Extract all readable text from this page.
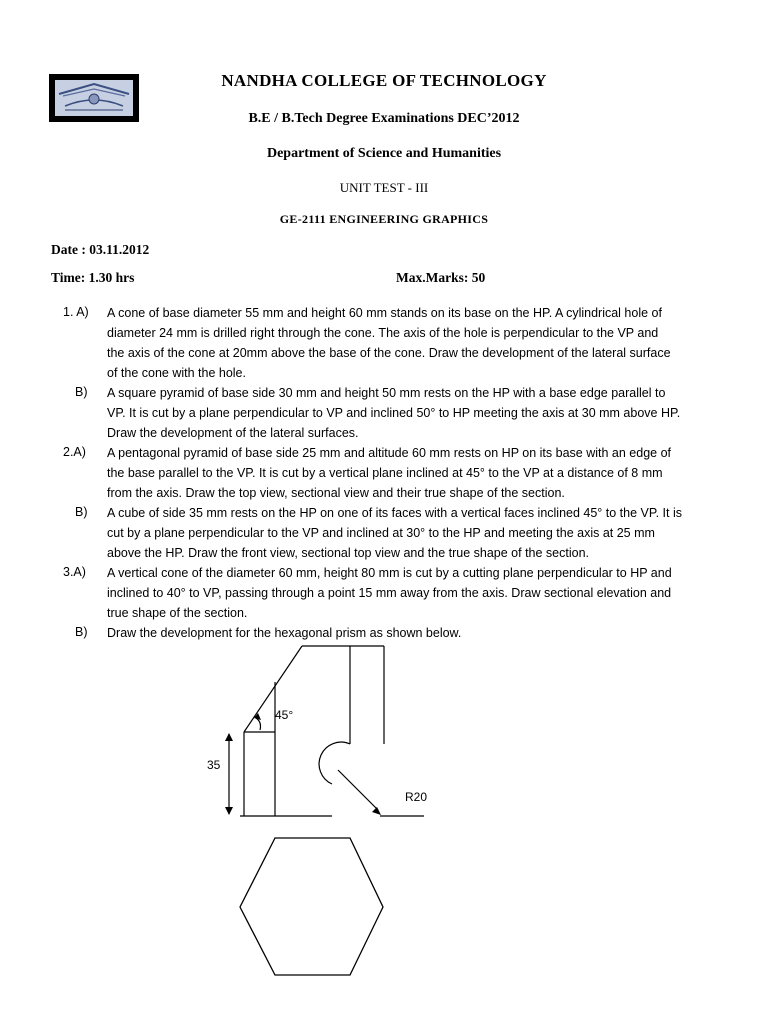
NANDHA COLLEGE OF TECHNOLOGY
B.E / B.Tech Degree Examinations DEC’2012
Department of Science and Humanities
UNIT TEST - III
GE-2111 ENGINEERING GRAPHICS
Date : 03.11.2012
Time: 1.30 hrs	Max.Marks: 50
1. A) A cone of base diameter 55 mm and height 60 mm stands on its base on the HP. A cylindrical hole of
diameter 24 mm is drilled right through the cone. The axis of the hole is perpendicular to the VP and
the axis of the cone at 20mm above the base of the cone. Draw the development of the lateral surface
of the cone with the hole.
B) A square pyramid of base side 30 mm and height 50 mm rests on the HP with a base edge parallel to
VP. It is cut by a plane perpendicular to VP and inclined 50° to HP meeting the axis at 30 mm above HP.
Draw the development of the lateral surfaces.
2.A) A pentagonal pyramid of base side 25 mm and altitude 60 mm rests on HP on its base with an edge of
the base parallel to the VP. It is cut by a vertical plane inclined at 45° to the VP at a distance of 8 mm
from the axis. Draw the top view, sectional view and their true shape of the section.
B) A cube of side 35 mm rests on the HP on one of its faces with a vertical faces inclined 45° to the VP. It is
cut by a plane perpendicular to the VP and inclined at 30° to the HP and meeting the axis at 25 mm
above the HP. Draw the front view, sectional top view and the true shape of the section.
3.A) A vertical cone of the diameter 60 mm, height 80 mm is cut by a cutting plane perpendicular to HP and
inclined to 40° to VP, passing through a point 15 mm away from the axis. Draw sectional elevation and
true shape of the section.
B) Draw the development for the hexagonal prism as shown below.
45°
35
R20
